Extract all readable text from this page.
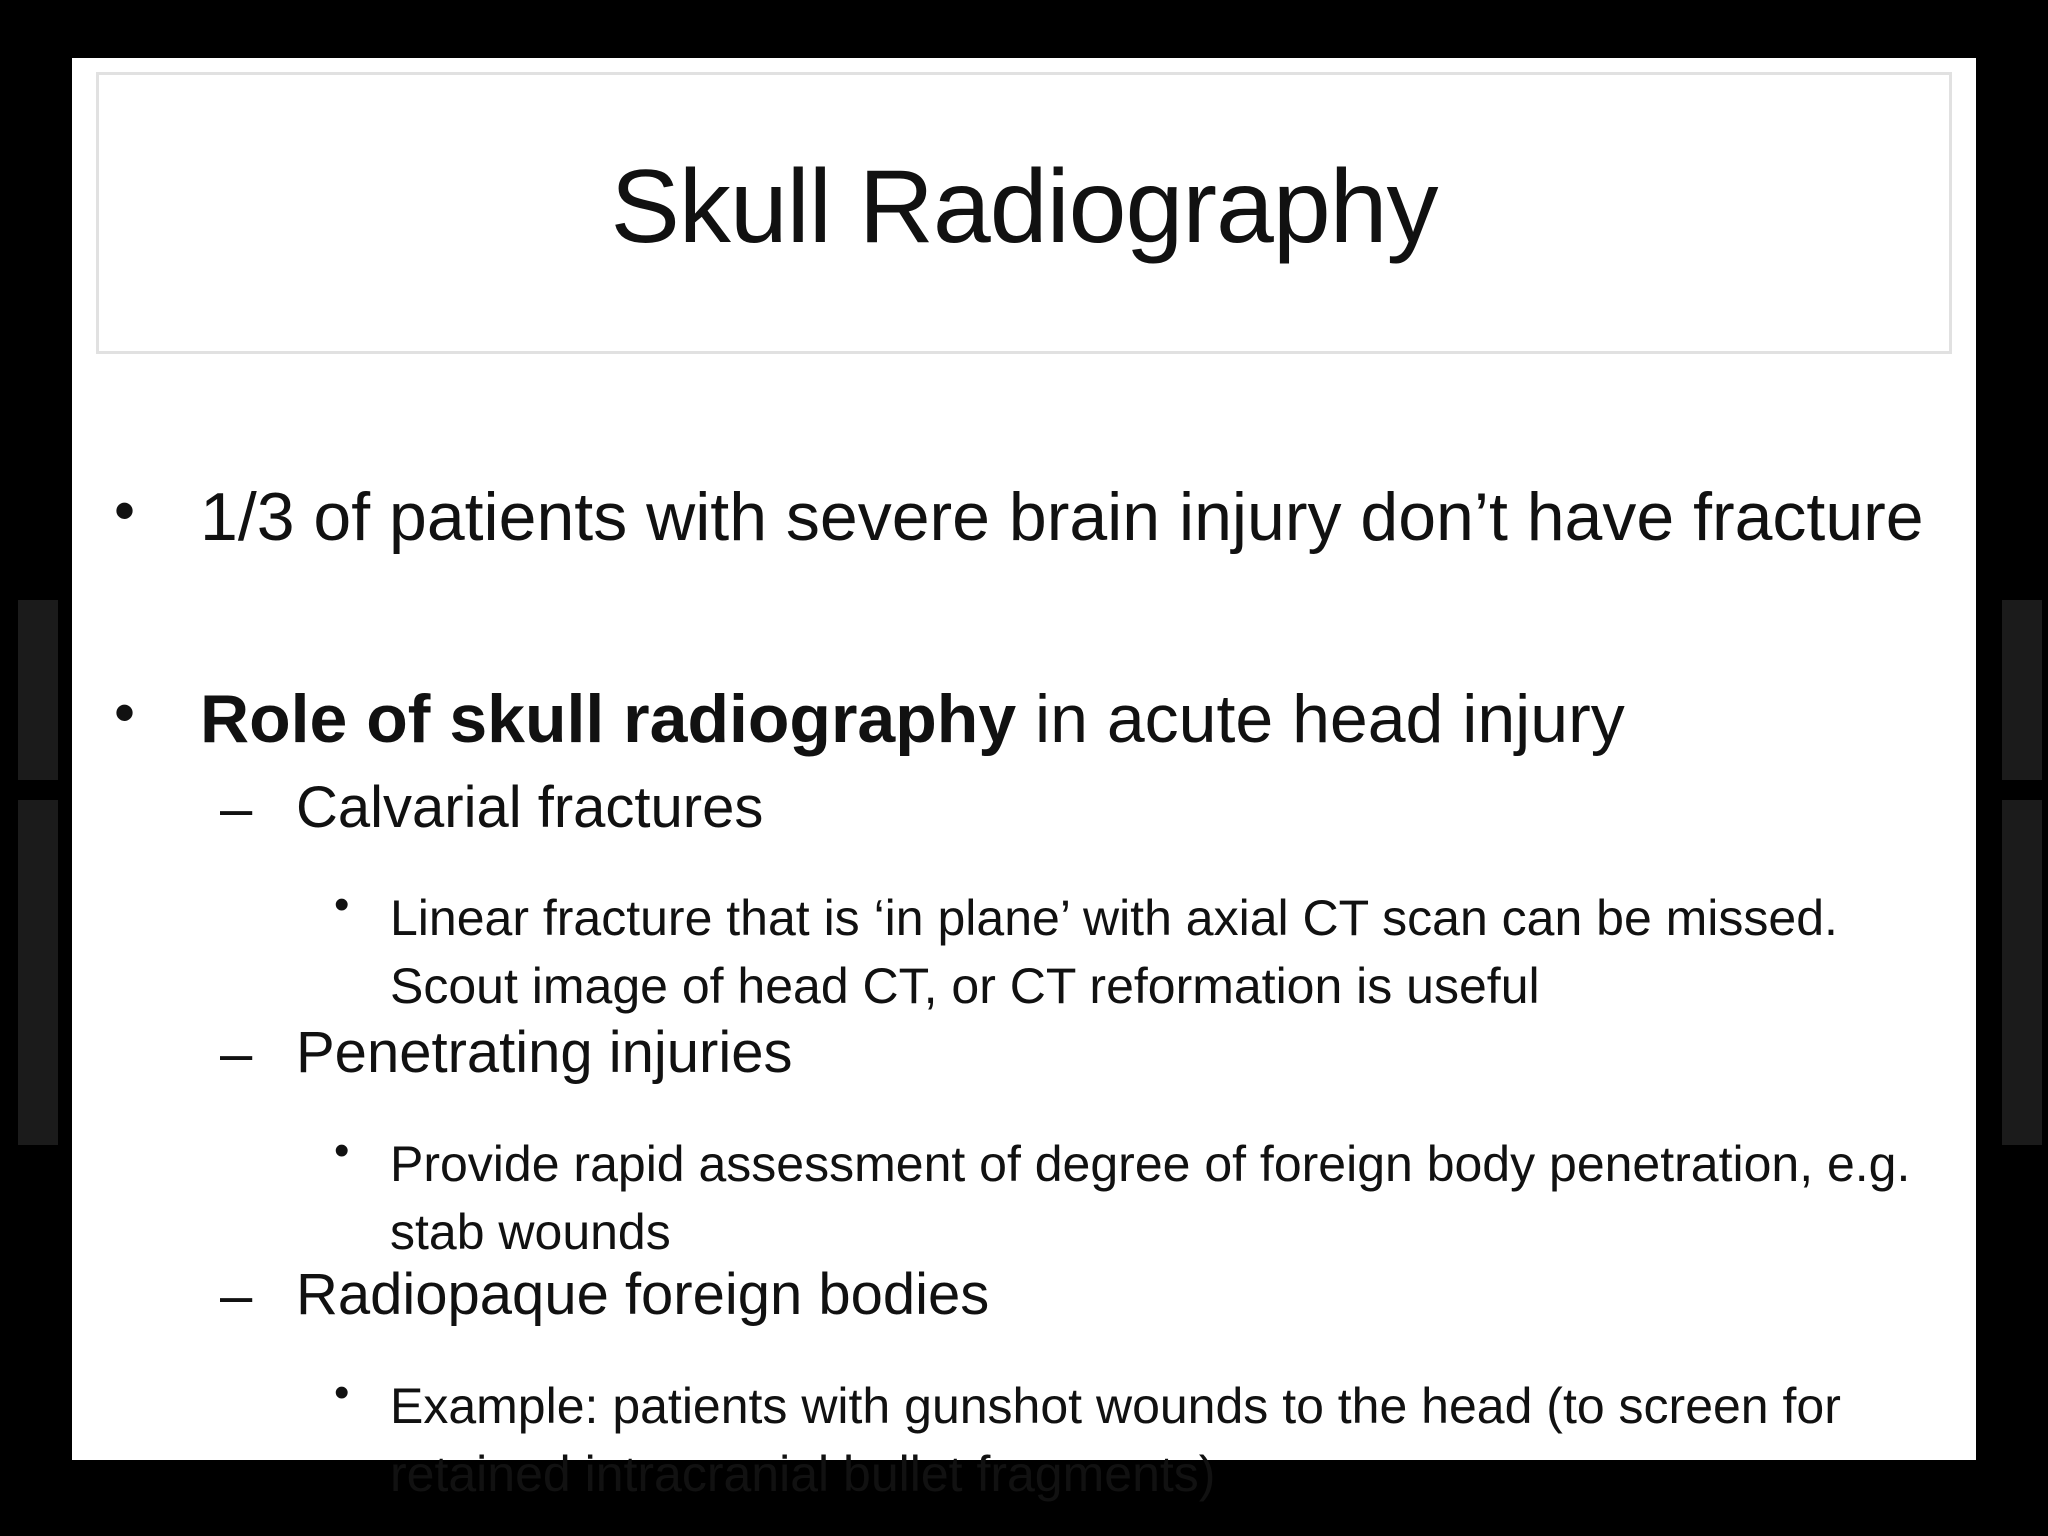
Skull Radiography
• 1/3 of patients with severe brain injury don’t have fracture
• Role of skull radiography in acute head injury
– Calvarial fractures
• Linear fracture that is ‘in plane’ with axial CT scan can be missed. Scout image of head CT, or CT reformation is useful
– Penetrating injuries
• Provide rapid assessment of degree of foreign body penetration, e.g. stab wounds
– Radiopaque foreign bodies
• Example: patients with gunshot wounds to the head (to screen for retained intracranial bullet fragments)
